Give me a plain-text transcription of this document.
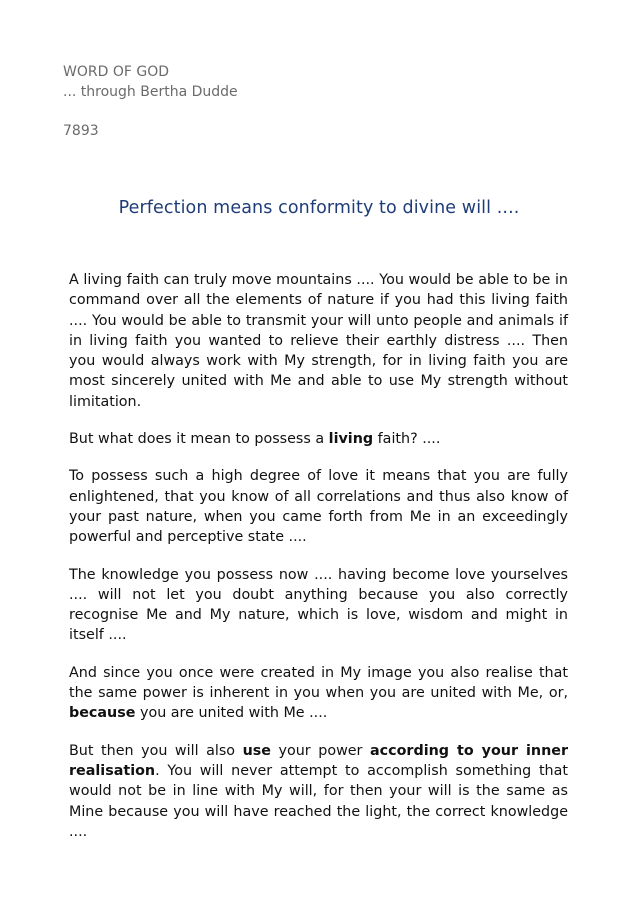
WORD OF GOD
... through Bertha Dudde
7893
Perfection means conformity to divine will ....

A living faith can truly move mountains .... You would be able to be in command over all the elements of nature if you had this living faith .... You would be able to transmit your will unto people and animals if in living faith you wanted to relieve their earthly distress .... Then you would always work with My strength, for in living faith you are most sincerely united with Me and able to use My strength without limitation.

But what does it mean to possess a living faith? ....

To possess such a high degree of love it means that you are fully enlightened, that you know of all correlations and thus also know of your past nature, when you came forth from Me in an exceedingly powerful and perceptive state ....

The knowledge you possess now .... having become love yourselves .... will not let you doubt anything because you also correctly recognise Me and My nature, which is love, wisdom and might in itself ....

And since you once were created in My image you also realise that the same power is inherent in you when you are united with Me, or, because you are united with Me ....

But then you will also use your power according to your inner realisation. You will never attempt to accomplish something that would not be in line with My will, for then your will is the same as Mine because you will have reached the light, the correct knowledge ....
